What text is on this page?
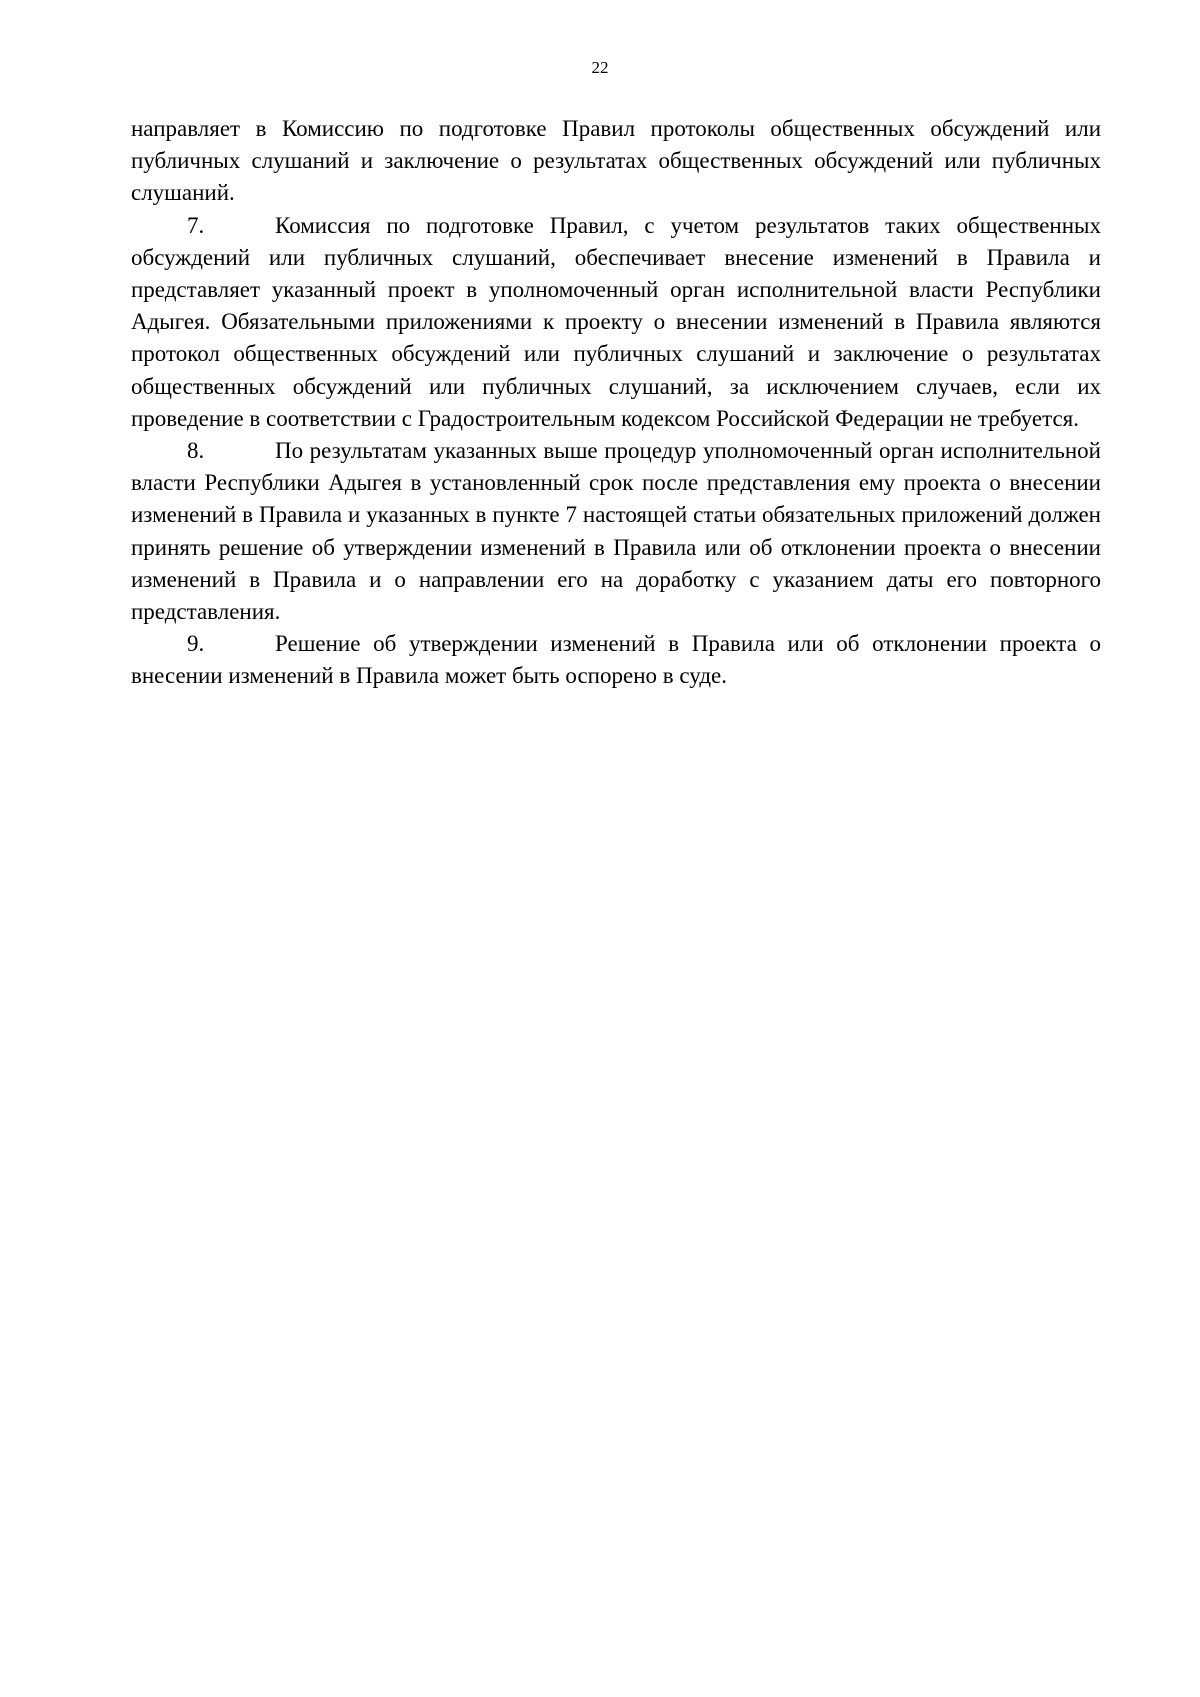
22

направляет в Комиссию по подготовке Правил протоколы общественных обсуждений или публичных слушаний и заключение о результатах общественных обсуждений или публичных слушаний.

7.	Комиссия по подготовке Правил, с учетом результатов таких общественных обсуждений или публичных слушаний, обеспечивает внесение изменений в Правила и представляет указанный проект в уполномоченный орган исполнительной власти Республики Адыгея. Обязательными приложениями к проекту о внесении изменений в Правила являются протокол общественных обсуждений или публичных слушаний и заключение о результатах общественных обсуждений или публичных слушаний, за исключением случаев, если их проведение в соответствии с Градостроительным кодексом Российской Федерации не требуется.

8.	По результатам указанных выше процедур уполномоченный орган исполнительной власти Республики Адыгея в установленный срок после представления ему проекта о внесении изменений в Правила и указанных в пункте 7 настоящей статьи обязательных приложений должен принять решение об утверждении изменений в Правила или об отклонении проекта о внесении изменений в Правила и о направлении его на доработку с указанием даты его повторного представления.

9.	Решение об утверждении изменений в Правила или об отклонении проекта о внесении изменений в Правила может быть оспорено в суде.
